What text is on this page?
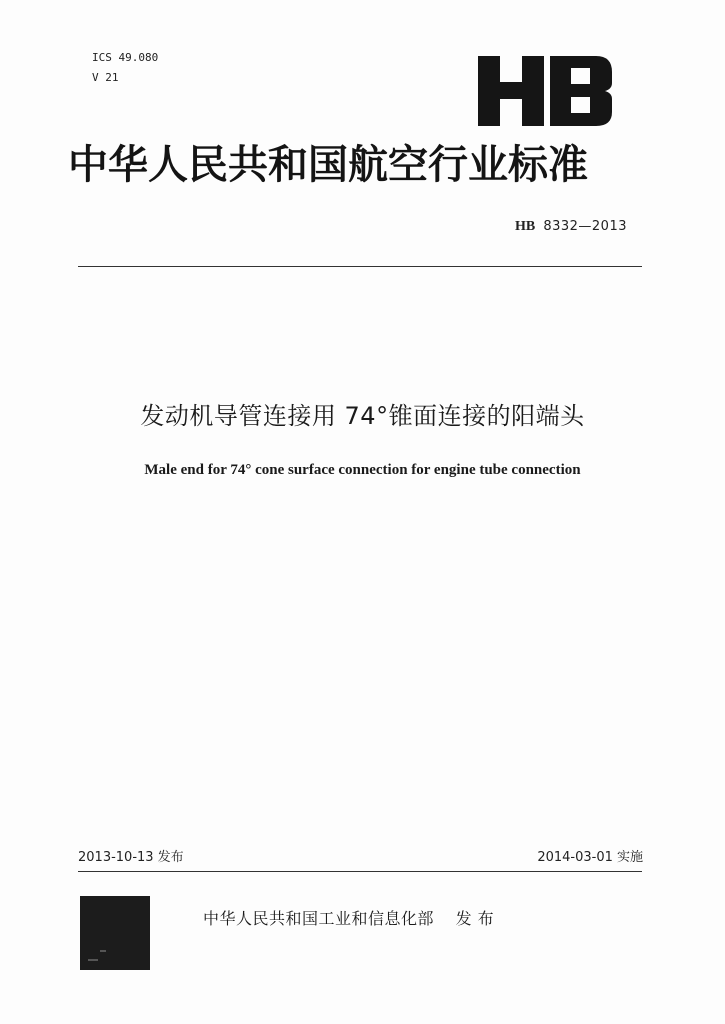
ICS 49.080
V 21
中华人民共和国航空行业标准
HB 8332—2013
发动机导管连接用 74°锥面连接的阳端头
Male end for 74° cone surface connection for engine tube connection
2013-10-13 发布	2014-03-01 实施
中华人民共和国工业和信息化部 发布
